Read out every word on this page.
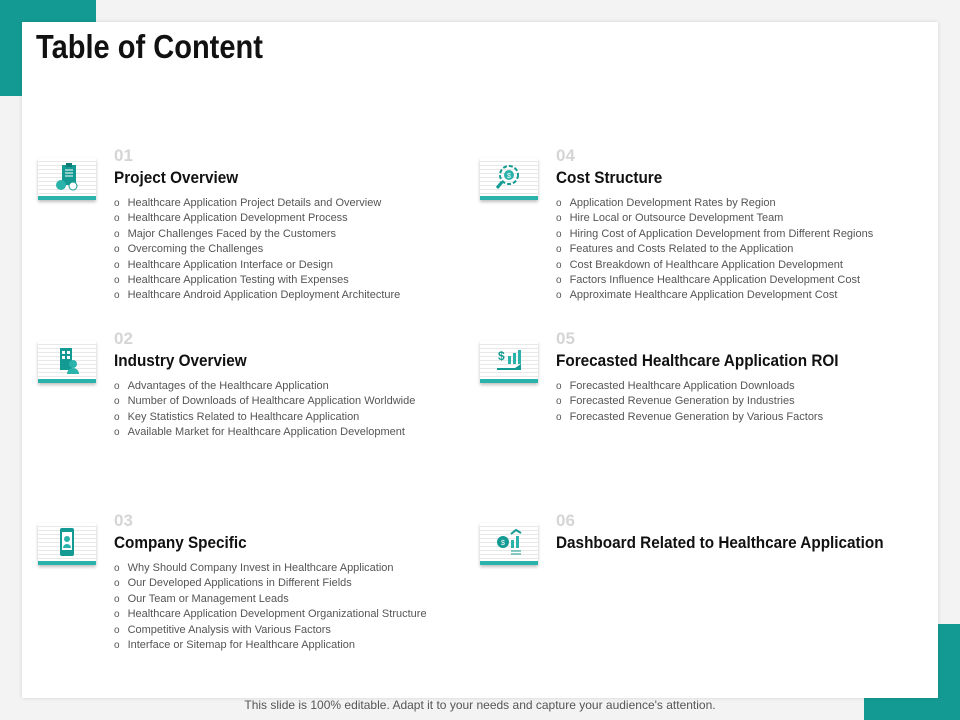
Table of Content
01
Project Overview
o Healthcare Application Project Details and Overview
o Healthcare Application Development Process
o Major Challenges Faced by the Customers
o Overcoming the Challenges
o Healthcare Application Interface or Design
o Healthcare Application Testing with Expenses
o Healthcare Android Application Deployment Architecture
02
Industry Overview
o Advantages of the Healthcare Application
o Number of Downloads of Healthcare Application Worldwide
o Key Statistics Related to Healthcare Application
o Available Market for Healthcare Application Development
03
Company Specific
o Why Should Company Invest in Healthcare Application
o Our Developed Applications in Different Fields
o Our Team or Management Leads
o Healthcare Application Development Organizational Structure
o Competitive Analysis with Various Factors
o Interface or Sitemap for Healthcare Application
$
04
Cost Structure
o Application Development Rates by Region
o Hire Local or Outsource Development Team
o Hiring Cost of Application Development from Different Regions
o Features and Costs Related to the Application
o Cost Breakdown of Healthcare Application Development
o Factors Influence Healthcare Application Development Cost
o Approximate Healthcare Application Development Cost
$
05
Forecasted Healthcare Application ROI
o Forecasted Healthcare Application Downloads
o Forecasted Revenue Generation by Industries
o Forecasted Revenue Generation by Various Factors
$
06
Dashboard Related to Healthcare Application
This slide is 100% editable. Adapt it to your needs and capture your audience's attention.
